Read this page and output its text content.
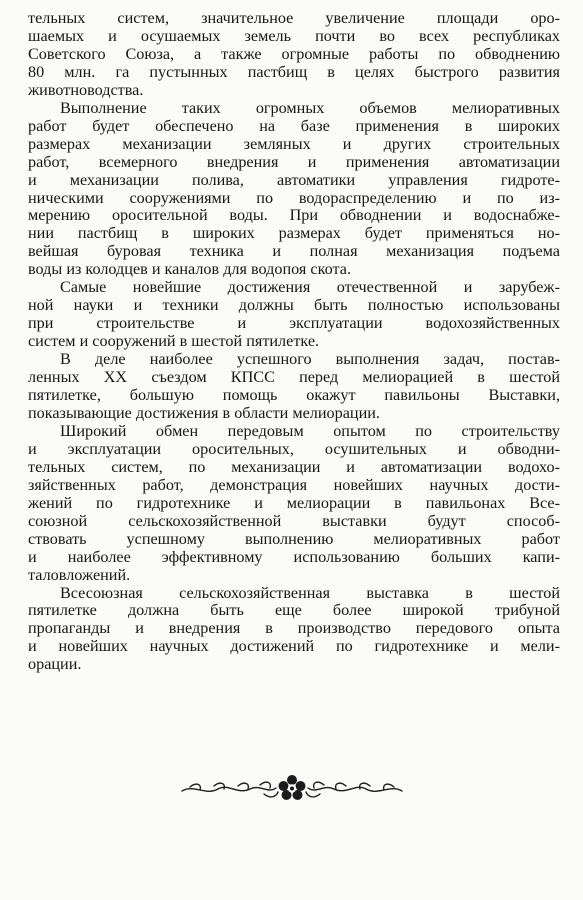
тельных систем, значительное увеличение площади оро-
шаемых и осушаемых земель почти во всех республиках
Советского Союза, а также огромные работы по обводнению
80 млн. га пустынных пастбищ в целях быстрого развития
животноводства.

Выполнение таких огромных объемов мелиоративных
работ будет обеспечено на базе применения в широких
размерах механизации земляных и других строительных
работ, всемерного внедрения и применения автоматизации
и механизации полива, автоматики управления гидроте-
ническими сооружениями по водораспределению и по из-
мерению оросительной воды. При обводнении и водоснабже-
нии пастбищ в широких размерах будет применяться но-
вейшая буровая техника и полная механизация подъема
воды из колодцев и каналов для водопоя скота.

Самые новейшие достижения отечественной и зарубеж-
ной науки и техники должны быть полностью использованы
при строительстве и эксплуатации водохозяйственных
систем и сооружений в шестой пятилетке.

В деле наиболее успешного выполнения задач, постав-
ленных XX съездом КПСС перед мелиорацией в шестой
пятилетке, большую помощь окажут павильоны Выставки,
показывающие достижения в области мелиорации.

Широкий обмен передовым опытом по строительству
и эксплуатации оросительных, осушительных и обводни-
тельных систем, по механизации и автоматизации водохо-
зяйственных работ, демонстрация новейших научных дости-
жений по гидротехнике и мелиорации в павильонах Все-
союзной сельскохозяйственной выставки будут способ-
ствовать успешному выполнению мелиоративных работ
и наиболее эффективному использованию больших капи-
таловложений.

Всесоюзная сельскохозяйственная выставка в шестой
пятилетке должна быть еще более широкой трибуной
пропаганды и внедрения в производство передового опыта
и новейших научных достижений по гидротехнике и мели-
орации.
